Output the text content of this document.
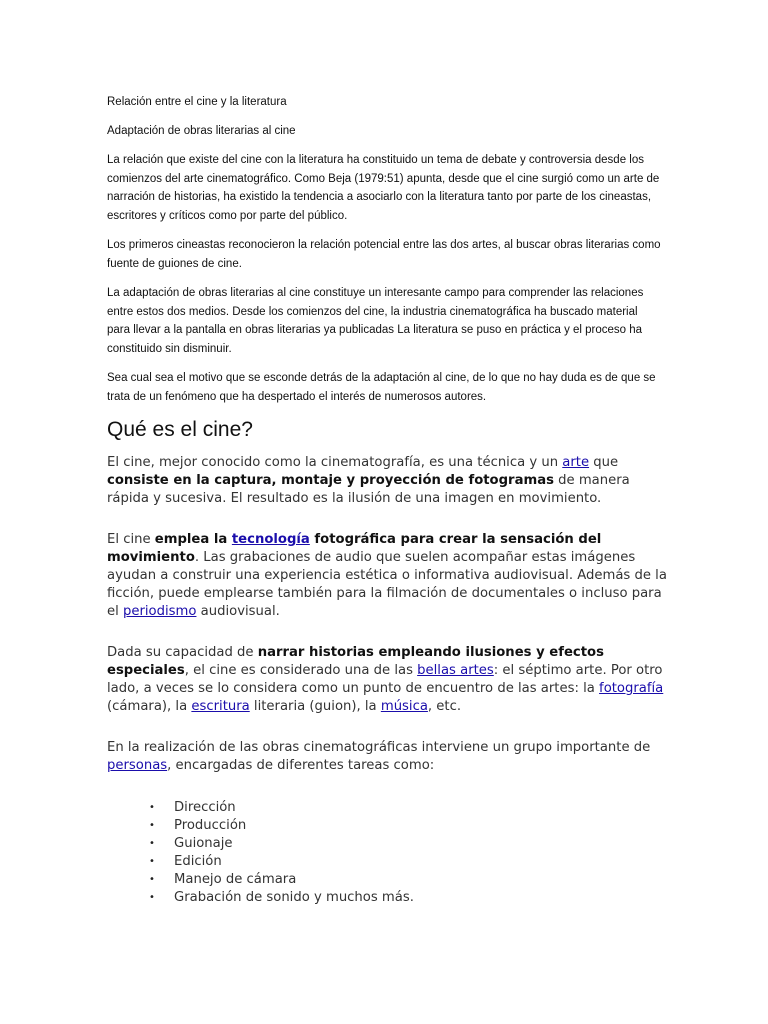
Relación entre el cine y la literatura

Adaptación de obras literarias al cine

La relación que existe del cine con la literatura ha constituido un tema de debate y controversia desde los comienzos del arte cinematográfico. Como Beja (1979:51) apunta, desde que el cine surgió como un arte de narración de historias, ha existido la tendencia a asociarlo con la literatura tanto por parte de los cineastas, escritores y críticos como por parte del público.

Los primeros cineastas reconocieron la relación potencial entre las dos artes, al buscar obras literarias como fuente de guiones de cine.

La adaptación de obras literarias al cine constituye un interesante campo para comprender las relaciones entre estos dos medios. Desde los comienzos del cine, la industria cinematográfica ha buscado material para llevar a la pantalla en obras literarias ya publicadas La literatura se puso en práctica y el proceso ha constituido sin disminuir.

Sea cual sea el motivo que se esconde detrás de la adaptación al cine, de lo que no hay duda es de que se trata de un fenómeno que ha despertado el interés de numerosos autores.

Qué es el cine?

El cine, mejor conocido como la cinematografía, es una técnica y un arte que consiste en la captura, montaje y proyección de fotogramas de manera rápida y sucesiva. El resultado es la ilusión de una imagen en movimiento.

El cine emplea la tecnología fotográfica para crear la sensación del movimiento. Las grabaciones de audio que suelen acompañar estas imágenes ayudan a construir una experiencia estética o informativa audiovisual. Además de la ficción, puede emplearse también para la filmación de documentales o incluso para el periodismo audiovisual.

Dada su capacidad de narrar historias empleando ilusiones y efectos especiales, el cine es considerado una de las bellas artes: el séptimo arte. Por otro lado, a veces se lo considera como un punto de encuentro de las artes: la fotografía (cámara), la escritura literaria (guion), la música, etc.

En la realización de las obras cinematográficas interviene un grupo importante de personas, encargadas de diferentes tareas como:

• Dirección
• Producción
• Guionaje
• Edición
• Manejo de cámara
• Grabación de sonido y muchos más.
